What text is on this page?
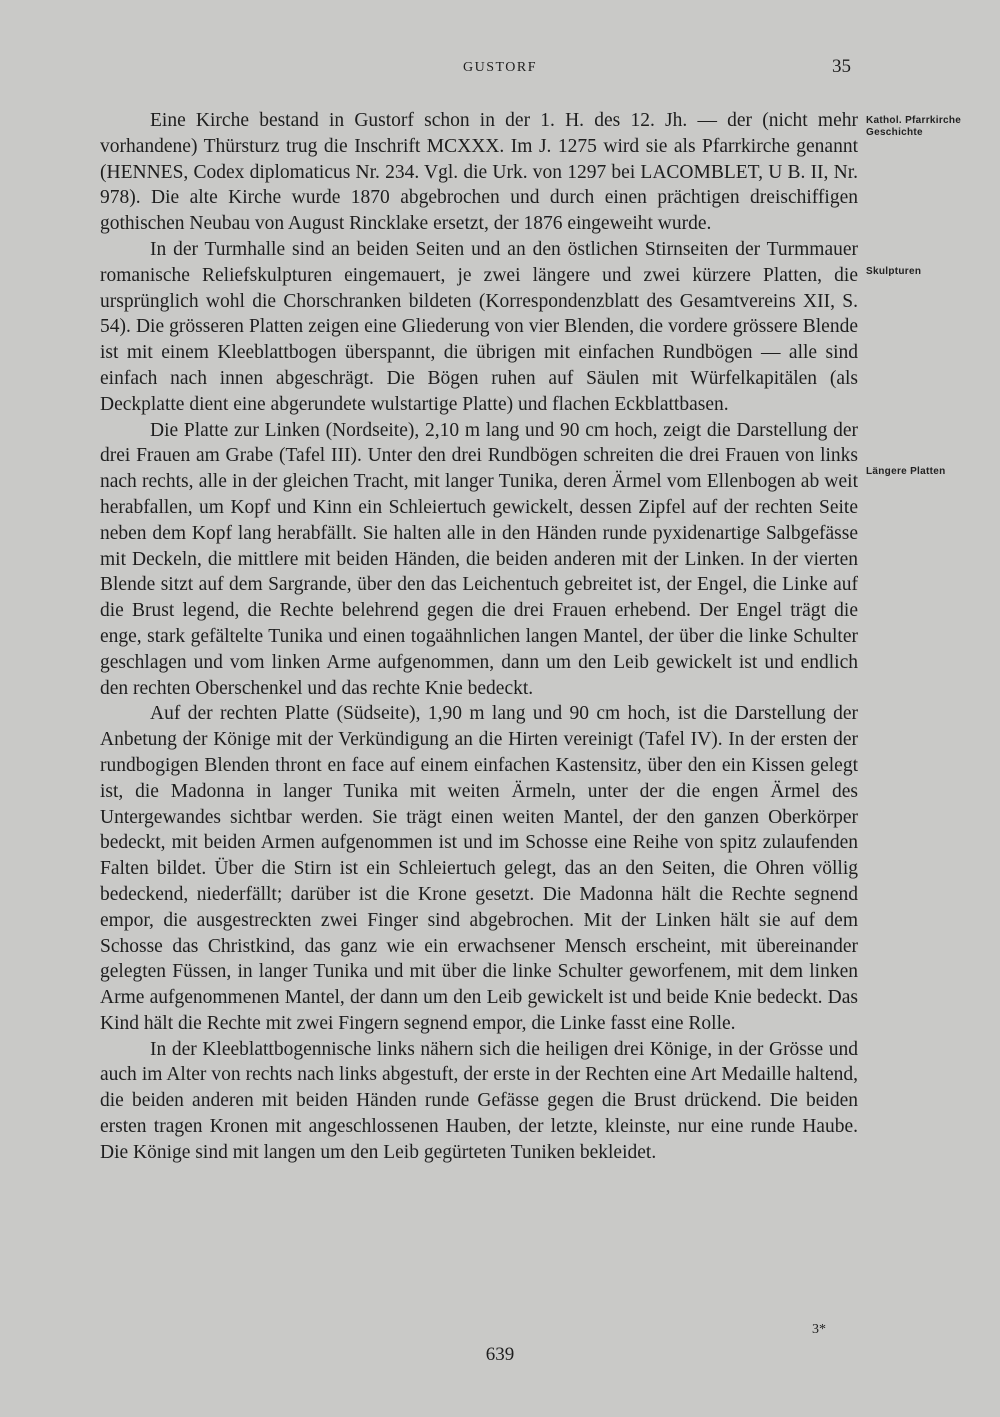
GUSTORF	35
Kathol. Pfarrkirche Geschichte
Skulpturen
Längere Platten

Eine Kirche bestand in Gustorf schon in der 1. H. des 12. Jh. — der (nicht mehr vorhandene) Thürsturz trug die Inschrift MCXXX. Im J. 1275 wird sie als Pfarrkirche genannt (HENNES, Codex diplomaticus Nr. 234. Vgl. die Urk. von 1297 bei LACOMBLET, U B. II, Nr. 978). Die alte Kirche wurde 1870 abgebrochen und durch einen prächtigen dreischiffigen gothischen Neubau von August Rincklake ersetzt, der 1876 eingeweiht wurde.

In der Turmhalle sind an beiden Seiten und an den östlichen Stirnseiten der Turmmauer romanische Reliefskulpturen eingemauert, je zwei längere und zwei kürzere Platten, die ursprünglich wohl die Chorschranken bildeten (Korrespondenzblatt des Gesamtvereins XII, S. 54). Die grösseren Platten zeigen eine Gliederung von vier Blenden, die vordere grössere Blende ist mit einem Kleeblattbogen überspannt, die übrigen mit einfachen Rundbögen — alle sind einfach nach innen abgeschrägt. Die Bögen ruhen auf Säulen mit Würfelkapitälen (als Deckplatte dient eine abgerundete wulstartige Platte) und flachen Eckblattbasen.

Die Platte zur Linken (Nordseite), 2,10 m lang und 90 cm hoch, zeigt die Darstellung der drei Frauen am Grabe (Tafel III). Unter den drei Rundbögen schreiten die drei Frauen von links nach rechts, alle in der gleichen Tracht, mit langer Tunika, deren Ärmel vom Ellenbogen ab weit herabfallen, um Kopf und Kinn ein Schleiertuch gewickelt, dessen Zipfel auf der rechten Seite neben dem Kopf lang herabfällt. Sie halten alle in den Händen runde pyxidenartige Salbgefässe mit Deckeln, die mittlere mit beiden Händen, die beiden anderen mit der Linken. In der vierten Blende sitzt auf dem Sargrande, über den das Leichentuch gebreitet ist, der Engel, die Linke auf die Brust legend, die Rechte belehrend gegen die drei Frauen erhebend. Der Engel trägt die enge, stark gefältelte Tunika und einen togaähnlichen langen Mantel, der über die linke Schulter geschlagen und vom linken Arme aufgenommen, dann um den Leib gewickelt ist und endlich den rechten Oberschenkel und das rechte Knie bedeckt.

Auf der rechten Platte (Südseite), 1,90 m lang und 90 cm hoch, ist die Darstellung der Anbetung der Könige mit der Verkündigung an die Hirten vereinigt (Tafel IV). In der ersten der rundbogigen Blenden thront en face auf einem einfachen Kastensitz, über den ein Kissen gelegt ist, die Madonna in langer Tunika mit weiten Ärmeln, unter der die engen Ärmel des Untergewandes sichtbar werden. Sie trägt einen weiten Mantel, der den ganzen Oberkörper bedeckt, mit beiden Armen aufgenommen ist und im Schosse eine Reihe von spitz zulaufenden Falten bildet. Über die Stirn ist ein Schleiertuch gelegt, das an den Seiten, die Ohren völlig bedeckend, niederfällt; darüber ist die Krone gesetzt. Die Madonna hält die Rechte segnend empor, die ausgestreckten zwei Finger sind abgebrochen. Mit der Linken hält sie auf dem Schosse das Christkind, das ganz wie ein erwachsener Mensch erscheint, mit übereinander gelegten Füssen, in langer Tunika und mit über die linke Schulter geworfenem, mit dem linken Arme aufgenommenen Mantel, der dann um den Leib gewickelt ist und beide Knie bedeckt. Das Kind hält die Rechte mit zwei Fingern segnend empor, die Linke fasst eine Rolle.

In der Kleeblattbogennische links nähern sich die heiligen drei Könige, in der Grösse und auch im Alter von rechts nach links abgestuft, der erste in der Rechten eine Art Medaille haltend, die beiden anderen mit beiden Händen runde Gefässe gegen die Brust drückend. Die beiden ersten tragen Kronen mit angeschlossenen Hauben, der letzte, kleinste, nur eine runde Haube. Die Könige sind mit langen um den Leib gegürteten Tuniken bekleidet.

3*
639
